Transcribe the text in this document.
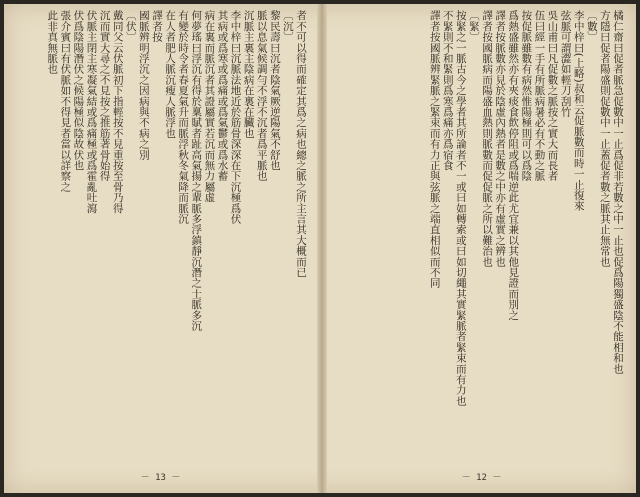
者不可以得而確定其爲之病也總之脈之所主言其大概而已
〔沉〕
黎民壽曰沉者陰氣厥逆陽氣不舒也
脈以息氣候調勻不浮不沉者爲平脈也
沉脈主裏主陰病在裏在臟也
李中梓曰沉脈法地近於筋骨深深在下沉極爲伏
其病或爲寒或爲痛或爲氣鬱或爲水蓄
病在裏而脈沉者其證屬實若沉而無力屬虛
何夢瑤曰浮沉有得於稟賦者趾高氣揚之輩脈多浮鎮靜沉潛之士脈多沉
有變於時令者春夏氣升而脈浮秋冬氣降而脈沉
在人者肥人脈沉瘦人脈浮也
譯者按
國脈辨明浮沉之因病與不病之別
〔伏〕
戴同父云伏脈初下指輕按不見重按至骨乃得
沉而實大尋之不見按之推筋著骨始得
伏脈主閉主寒凝氣結或爲痛極或爲霍亂吐瀉
伏爲陰陽潛伏之候陽極似陰故伏也
張介賓曰有伏脈如不得見者當以詳察之
此非真無脈也
－ 13 －
橘仁齋曰促者脈急促數中一止爲促非若數之中一止也促爲陽獨盛陰不能相和也
方隱曰促者陽盛則促數中一止蓋促者數之脈其止無常也
〔數〕
李中梓曰(上略)叔和云促脈數而時一止復來
弦脈可謂澀如輕刀刮竹
吳山甫曰凡促數之脈按之實大而長者
伍曰經一手有所脈病暑必有不動之脈
按促脈雖數有病然惟陽極則可以爲陰
爲熱盛雖然亦有夾痰食飲停阻或爲喘逆此尤宜兼以其他見證而別之
譯者按脈數亦見於陰虛內熱者是數之中亦有虛實之辨也
譯者按國脈病而陽盛血熱則脈數而促促脈之所以難治也
〔緊〕
按緊之一脈古今之學者其所論者不一或曰如轉索或曰如切繩其實緊脈者緊束而有力也
不緊則不和緊則爲寒爲痛亦爲宿食
譯者按國脈辨緊脈之緊束而有力正與弦脈之端直相似而不同
－ 12 －
